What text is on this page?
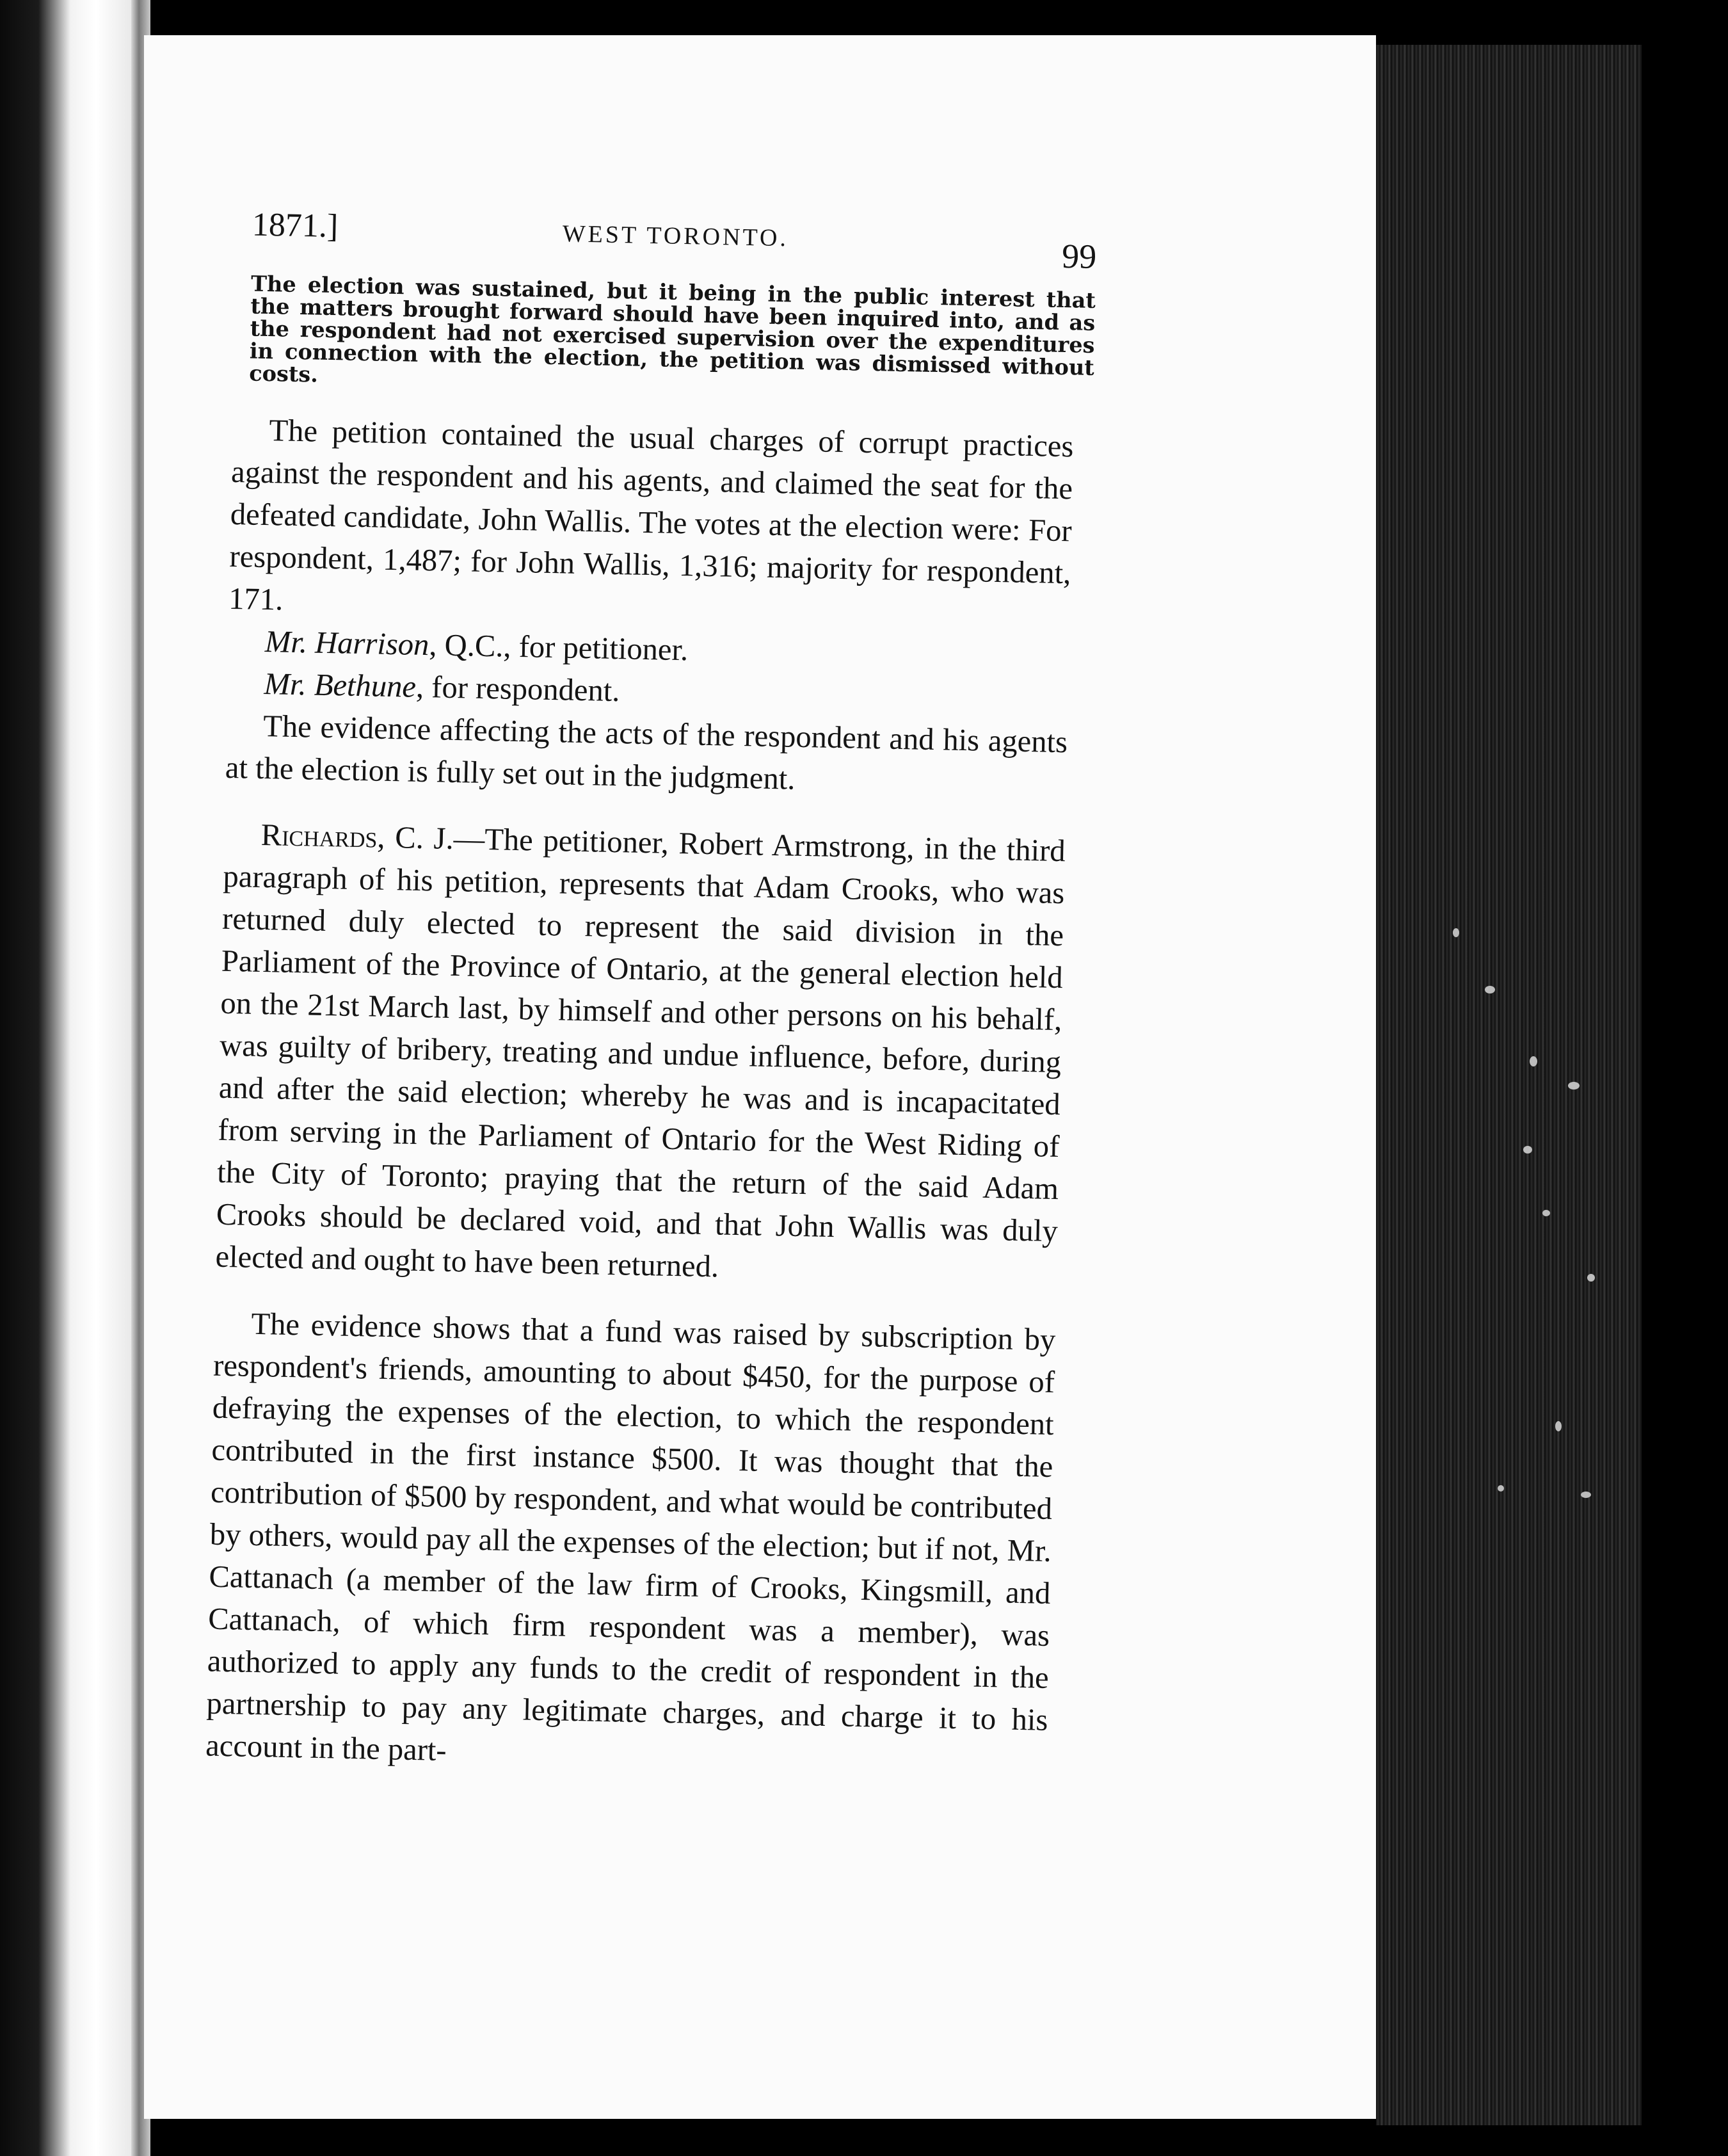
1871.]	WEST TORONTO.
99
The election was sustained, but it being in the public interest that the matters brought forward should have been inquired into, and as the respondent had not exercised supervision over the expenditures in connection with the election, the petition was dismissed without costs.

The petition contained the usual charges of corrupt practices against the respondent and his agents, and claimed the seat for the defeated candidate, John Wallis. The votes at the election were: For respondent, 1,487; for John Wallis, 1,316; majority for respondent, 171.

Mr. Harrison, Q.C., for petitioner.
Mr. Bethune, for respondent.

The evidence affecting the acts of the respondent and his agents at the election is fully set out in the judgment.

Richards, C. J.—The petitioner, Robert Armstrong, in the third paragraph of his petition, represents that Adam Crooks, who was returned duly elected to represent the said division in the Parliament of the Province of Ontario, at the general election held on the 21st March last, by himself and other persons on his behalf, was guilty of bribery, treating and undue influence, before, during and after the said election; whereby he was and is incapacitated from serving in the Parliament of Ontario for the West Riding of the City of Toronto; praying that the return of the said Adam Crooks should be declared void, and that John Wallis was duly elected and ought to have been returned.

The evidence shows that a fund was raised by subscription by respondent's friends, amounting to about $450, for the purpose of defraying the expenses of the election, to which the respondent contributed in the first instance $500. It was thought that the contribution of $500 by respondent, and what would be contributed by others, would pay all the expenses of the election; but if not, Mr. Cattanach (a member of the law firm of Crooks, Kingsmill, and Cattanach, of which firm respondent was a member), was authorized to apply any funds to the credit of respondent in the partnership to pay any legitimate charges, and charge it to his account in the part-
